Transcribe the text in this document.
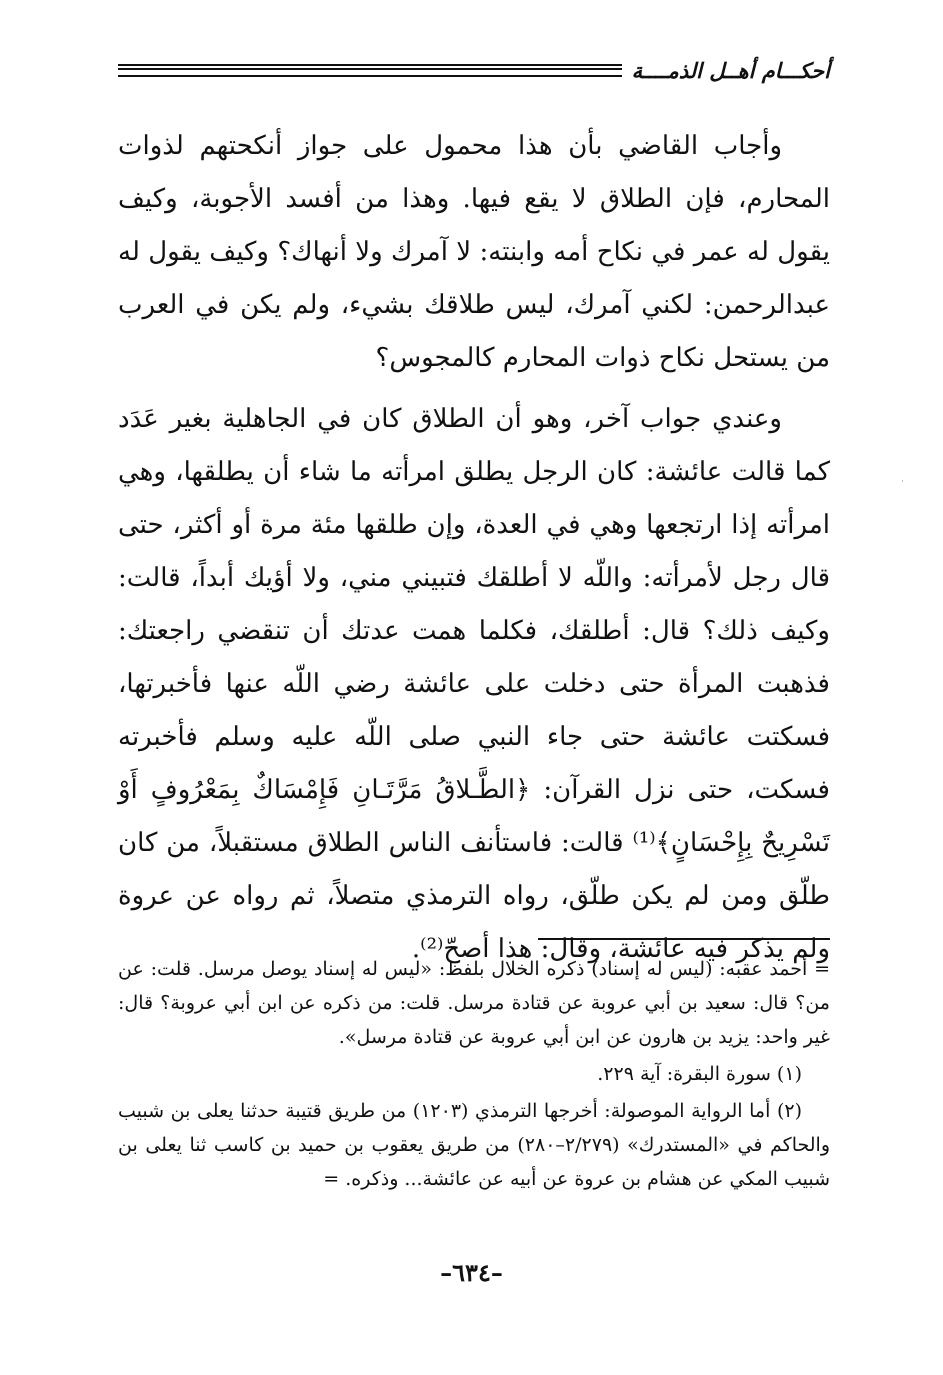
أحكـــام أهــل الذمــــة

وأجاب القاضي بأن هذا محمول على جواز أنكحتهم لذوات المحارم، فإن الطلاق لا يقع فيها. وهذا من أفسد الأجوبة، وكيف يقول له عمر في نكاح أمه وابنته: لا آمرك ولا أنهاك؟ وكيف يقول له عبدالرحمن: لكني آمرك، ليس طلاقك بشيء، ولم يكن في العرب من يستحل نكاح ذوات المحارم كالمجوس؟

وعندي جواب آخر، وهو أن الطلاق كان في الجاهلية بغير عَدَد كما قالت عائشة: كان الرجل يطلق امرأته ما شاء أن يطلقها، وهي امرأته إذا ارتجعها وهي في العدة، وإن طلقها مئة مرة أو أكثر، حتى قال رجل لأمرأته: واللّه لا أطلقك فتبيني مني، ولا أؤيك أبداً، قالت: وكيف ذلك؟ قال: أطلقك، فكلما همت عدتك أن تنقضي راجعتك: فذهبت المرأة حتى دخلت على عائشة رضي اللّه عنها فأخبرتها، فسكتت عائشة حتى جاء النبي صلى اللّه عليه وسلم فأخبرته فسكت، حتى نزل القرآن: ﴿الطَّـلاقُ مَرَّتَـانِ فَإِمْسَاكٌ بِمَعْرُوفٍ أَوْ تَسْرِيحٌ بِإِحْسَانٍ﴾⁽¹⁾ قالت: فاستأنف الناس الطلاق مستقبلاً، من كان طلّق ومن لم يكن طلّق، رواه الترمذي متصلاً، ثم رواه عن عروة ولم يذكر فيه عائشة، وقال: هذا أصحّ⁽²⁾.

= أحمد عقبه: (ليس له إسناد) ذكره الخلال بلفظ: «ليس له إسناد يوصل مرسل. قلت: عن من؟ قال: سعيد بن أبي عروبة عن قتادة مرسل. قلت: من ذكره عن ابن أبي عروبة؟ قال: غير واحد: يزيد بن هارون عن ابن أبي عروبة عن قتادة مرسل».

(١) سورة البقرة: آية ٢٢٩.

(٢) أما الرواية الموصولة: أخرجها الترمذي (١٢٠٣) من طريق قتيبة حدثنا يعلى بن شبيب والحاكم في «المستدرك» (٢/٢٧٩–٢٨٠) من طريق يعقوب بن حميد بن كاسب ثنا يعلى بن شبيب المكي عن هشام بن عروة عن أبيه عن عائشة... وذكره. =

–٦٣٤–
